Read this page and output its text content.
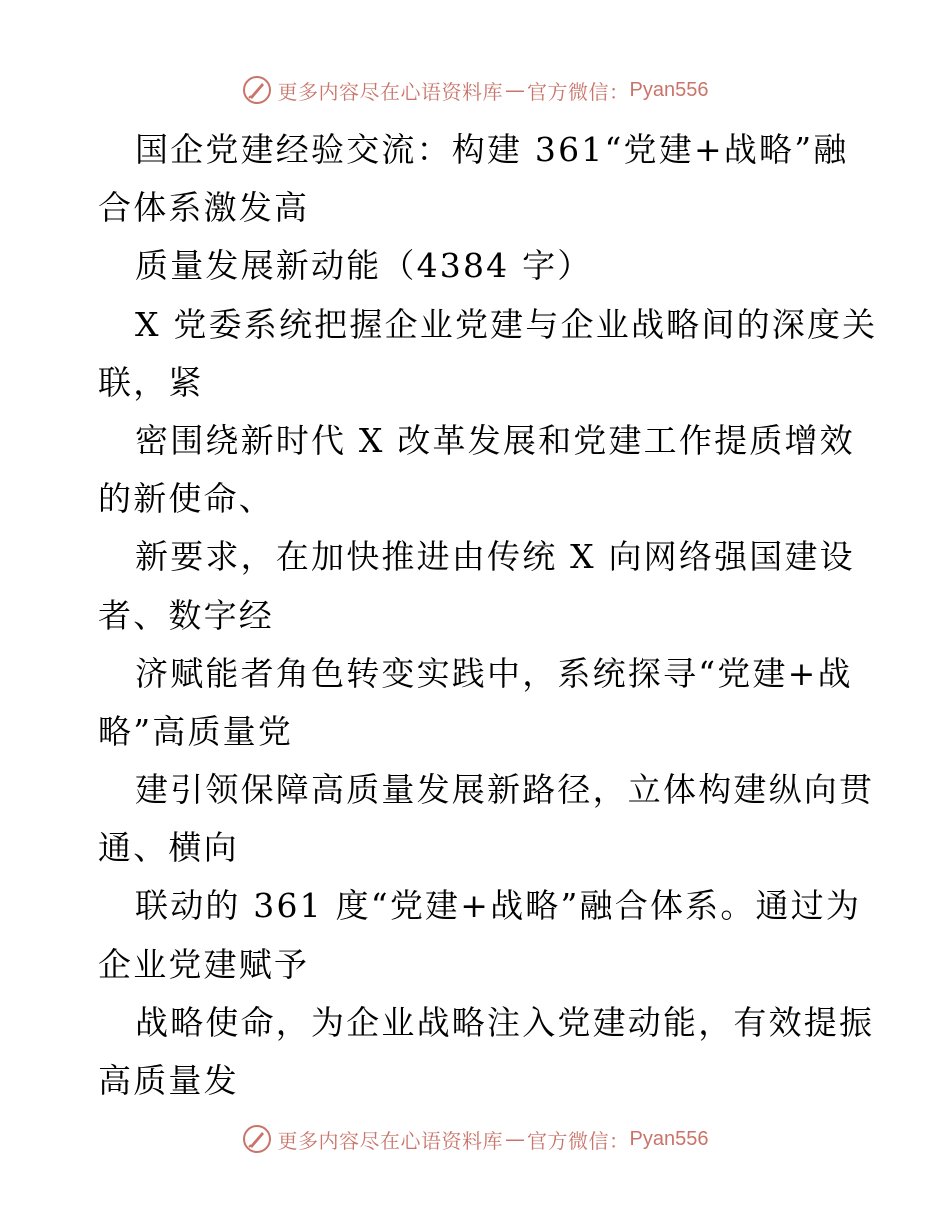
更多内容尽在心语资料库 — 官方微信： Pyan556
国企党建经验交流：构建 361“党建+战略”融
合体系激发高
质量发展新动能（4384 字）
X 党委系统把握企业党建与企业战略间的深度关
联，紧
密围绕新时代 X 改革发展和党建工作提质增效
的新使命、
新要求，在加快推进由传统 X 向网络强国建设
者、数字经
济赋能者角色转变实践中，系统探寻“党建+战
略”高质量党
建引领保障高质量发展新路径，立体构建纵向贯
通、横向
联动的 361 度“党建+战略”融合体系。通过为
企业党建赋予
战略使命，为企业战略注入党建动能，有效提振
高质量发
更多内容尽在心语资料库 — 官方微信： Pyan556
